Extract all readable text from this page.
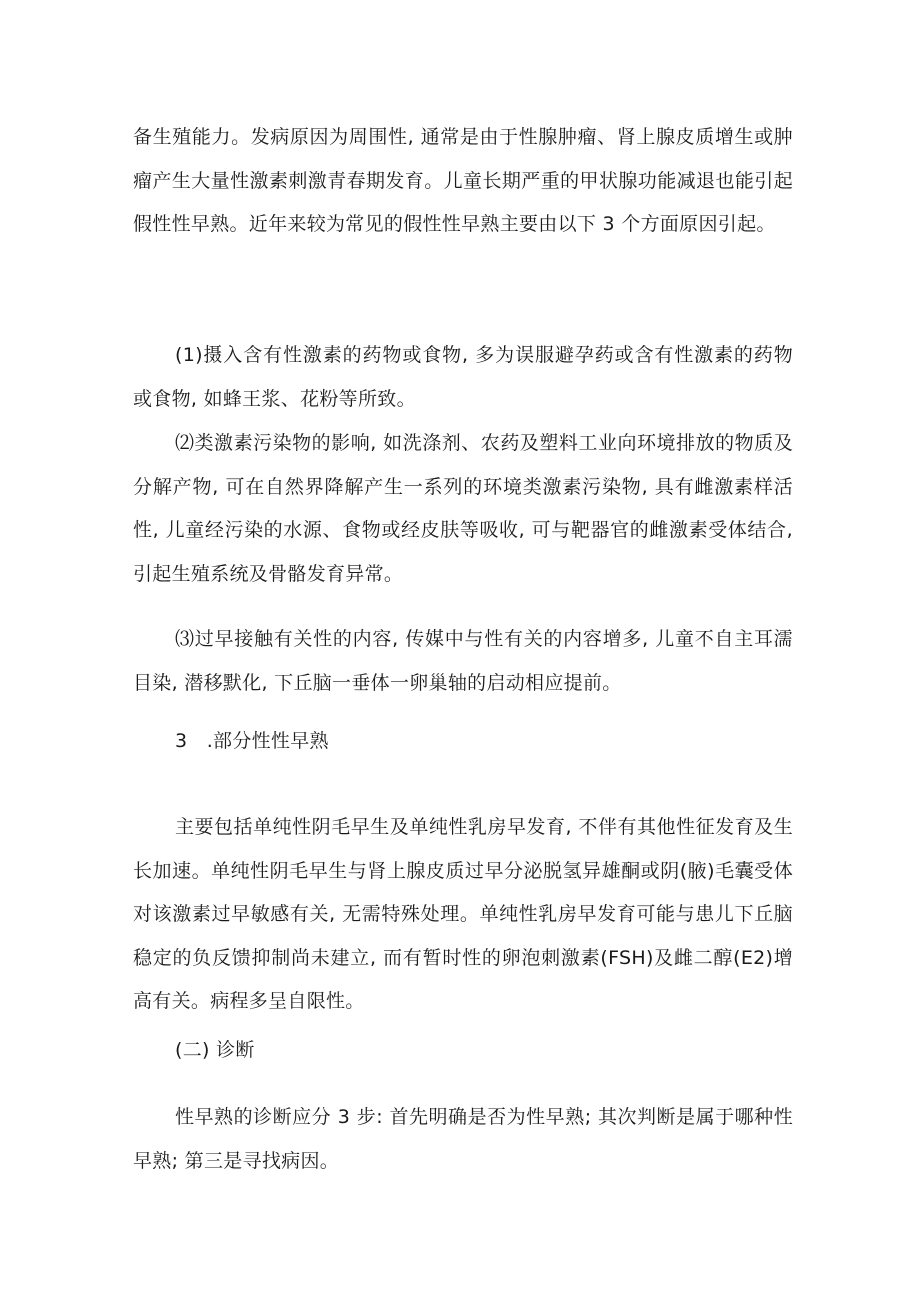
备生殖能力。发病原因为周围性, 通常是由于性腺肿瘤、肾上腺皮质增生或肿瘤产生大量性激素刺激青春期发育。儿童长期严重的甲状腺功能减退也能引起假性性早熟。近年来较为常见的假性性早熟主要由以下 3 个方面原因引起。

(1)摄入含有性激素的药物或食物, 多为误服避孕药或含有性激素的药物或食物, 如蜂王浆、花粉等所致。

⑵类激素污染物的影响, 如洗涤剂、农药及塑料工业向环境排放的物质及分解产物, 可在自然界降解产生一系列的环境类激素污染物, 具有雌激素样活性, 儿童经污染的水源、食物或经皮肤等吸收, 可与靶器官的雌激素受体结合, 引起生殖系统及骨骼发育异常。

⑶过早接触有关性的内容, 传媒中与性有关的内容增多, 儿童不自主耳濡目染, 潜移默化, 下丘脑一垂体一卵巢轴的启动相应提前。

3　.部分性性早熟

主要包括单纯性阴毛早生及单纯性乳房早发育, 不伴有其他性征发育及生长加速。单纯性阴毛早生与肾上腺皮质过早分泌脱氢异雄酮或阴(腋)毛囊受体对该激素过早敏感有关, 无需特殊处理。单纯性乳房早发育可能与患儿下丘脑稳定的负反馈抑制尚未建立, 而有暂时性的卵泡刺激素(FSH)及雌二醇(E2)增高有关。病程多呈自限性。

(二) 诊断

性早熟的诊断应分 3 步: 首先明确是否为性早熟; 其次判断是属于哪种性早熟; 第三是寻找病因。
